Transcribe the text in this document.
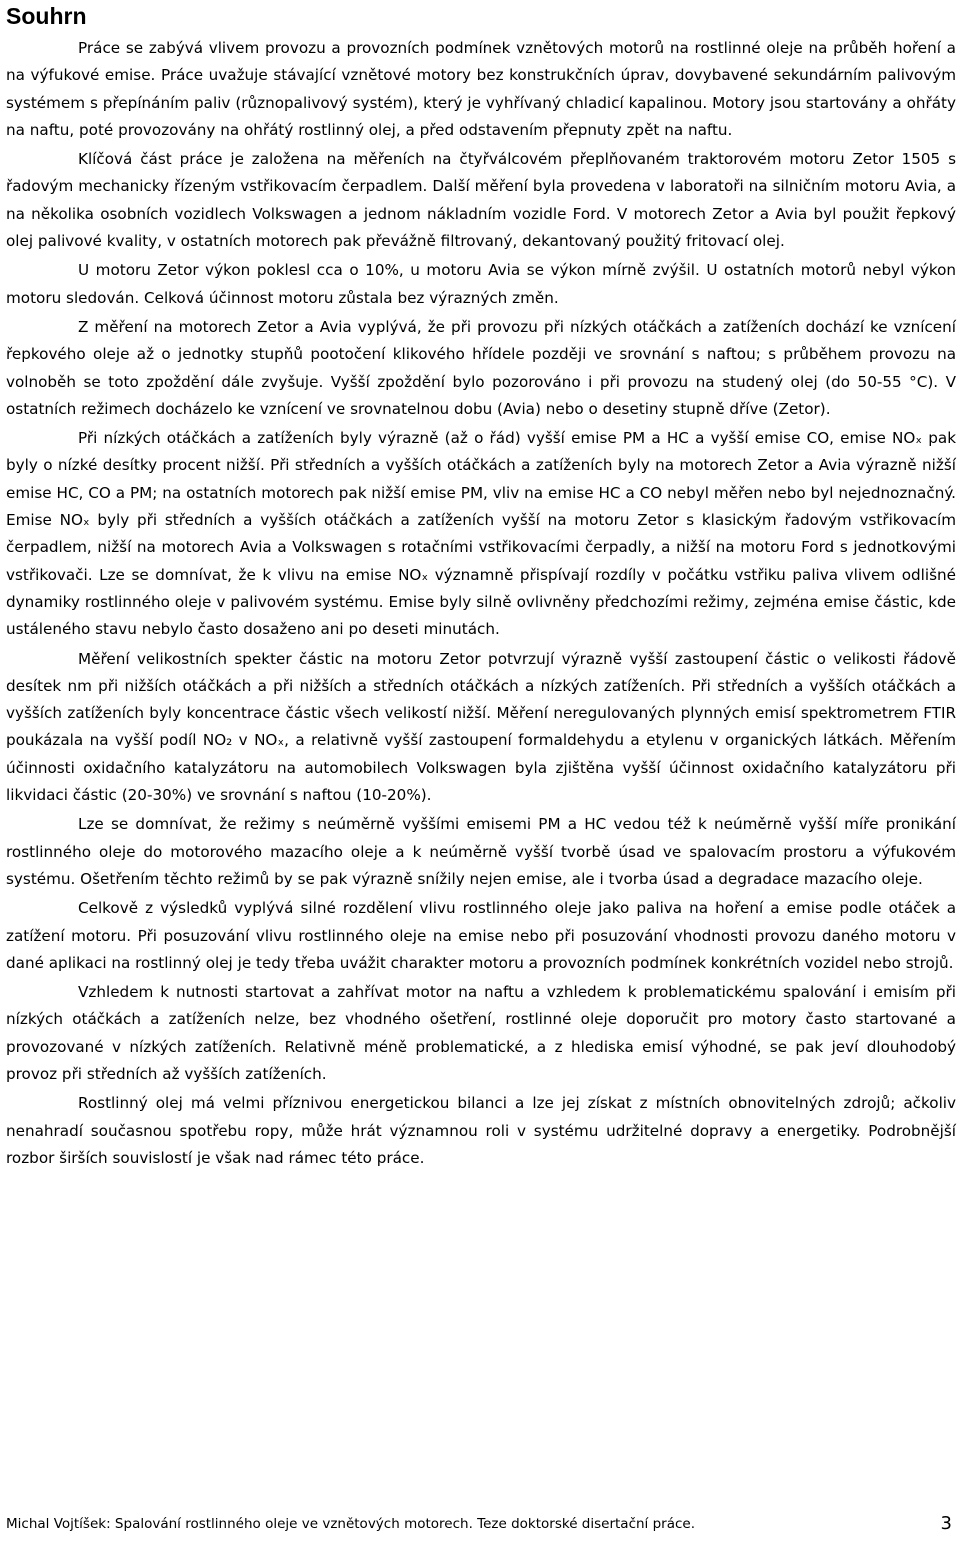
Souhrn

Práce se zabývá vlivem provozu a provozních podmínek vznětových motorů na rostlinné oleje na průběh hoření a na výfukové emise. Práce uvažuje stávající vznětové motory bez konstrukčních úprav, dovybavené sekundárním palivovým systémem s přepínáním paliv (různopalivový systém), který je vyhřívaný chladicí kapalinou. Motory jsou startovány a ohřáty na naftu, poté provozovány na ohřátý rostlinný olej, a před odstavením přepnuty zpět na naftu.

Klíčová část práce je založena na měřeních na čtyřválcovém přeplňovaném traktorovém motoru Zetor 1505 s řadovým mechanicky řízeným vstřikovacím čerpadlem. Další měření byla provedena v laboratoři na silničním motoru Avia, a na několika osobních vozidlech Volkswagen a jednom nákladním vozidle Ford. V motorech Zetor a Avia byl použit řepkový olej palivové kvality, v ostatních motorech pak převážně filtrovaný, dekantovaný použitý fritovací olej.

U motoru Zetor výkon poklesl cca o 10%, u motoru Avia se výkon mírně zvýšil. U ostatních motorů nebyl výkon motoru sledován. Celková účinnost motoru zůstala bez výrazných změn.

Z měření na motorech Zetor a Avia vyplývá, že při provozu při nízkých otáčkách a zatíženích dochází ke vznícení řepkového oleje až o jednotky stupňů pootočení klikového hřídele později ve srovnání s naftou; s průběhem provozu na volnoběh se toto zpoždění dále zvyšuje. Vyšší zpoždění bylo pozorováno i při provozu na studený olej (do 50-55 °C). V ostatních režimech docházelo ke vznícení ve srovnatelnou dobu (Avia) nebo o desetiny stupně dříve (Zetor).

Při nízkých otáčkách a zatíženích byly výrazně (až o řád) vyšší emise PM a HC a vyšší emise CO, emise NOₓ pak byly o nízké desítky procent nižší. Při středních a vyšších otáčkách a zatíženích byly na motorech Zetor a Avia výrazně nižší emise HC, CO a PM; na ostatních motorech pak nižší emise PM, vliv na emise HC a CO nebyl měřen nebo byl nejednoznačný. Emise NOₓ byly při středních a vyšších otáčkách a zatíženích vyšší na motoru Zetor s klasickým řadovým vstřikovacím čerpadlem, nižší na motorech Avia a Volkswagen s rotačními vstřikovacími čerpadly, a nižší na motoru Ford s jednotkovými vstřikovači. Lze se domnívat, že k vlivu na emise NOₓ významně přispívají rozdíly v počátku vstřiku paliva vlivem odlišné dynamiky rostlinného oleje v palivovém systému. Emise byly silně ovlivněny předchozími režimy, zejména emise částic, kde ustáleného stavu nebylo často dosaženo ani po deseti minutách.

Měření velikostních spekter částic na motoru Zetor potvrzují výrazně vyšší zastoupení částic o velikosti řádově desítek nm při nižších otáčkách a při nižších a středních otáčkách a nízkých zatíženích. Při středních a vyšších otáčkách a vyšších zatíženích byly koncentrace částic všech velikostí nižší. Měření neregulovaných plynných emisí spektrometrem FTIR poukázala na vyšší podíl NO₂ v NOₓ, a relativně vyšší zastoupení formaldehydu a etylenu v organických látkách. Měřením účinnosti oxidačního katalyzátoru na automobilech Volkswagen byla zjištěna vyšší účinnost oxidačního katalyzátoru při likvidaci částic (20-30%) ve srovnání s naftou (10-20%).

Lze se domnívat, že režimy s neúměrně vyššími emisemi PM a HC vedou též k neúměrně vyšší míře pronikání rostlinného oleje do motorového mazacího oleje a k neúměrně vyšší tvorbě úsad ve spalovacím prostoru a výfukovém systému. Ošetřením těchto režimů by se pak výrazně snížily nejen emise, ale i tvorba úsad a degradace mazacího oleje.

Celkově z výsledků vyplývá silné rozdělení vlivu rostlinného oleje jako paliva na hoření a emise podle otáček a zatížení motoru. Při posuzování vlivu rostlinného oleje na emise nebo při posuzování vhodnosti provozu daného motoru v dané aplikaci na rostlinný olej je tedy třeba uvážit charakter motoru a provozních podmínek konkrétních vozidel nebo strojů.

Vzhledem k nutnosti startovat a zahřívat motor na naftu a vzhledem k problematickému spalování i emisím při nízkých otáčkách a zatíženích nelze, bez vhodného ošetření, rostlinné oleje doporučit pro motory často startované a provozované v nízkých zatíženích. Relativně méně problematické, a z hlediska emisí výhodné, se pak jeví dlouhodobý provoz při středních až vyšších zatíženích.

Rostlinný olej má velmi příznivou energetickou bilanci a lze jej získat z místních obnovitelných zdrojů; ačkoliv nenahradí současnou spotřebu ropy, může hrát významnou roli v systému udržitelné dopravy a energetiky. Podrobnější rozbor širších souvislostí je však nad rámec této práce.

Michal Vojtíšek: Spalování rostlinného oleje ve vznětových motorech. Teze doktorské disertační práce.	3
